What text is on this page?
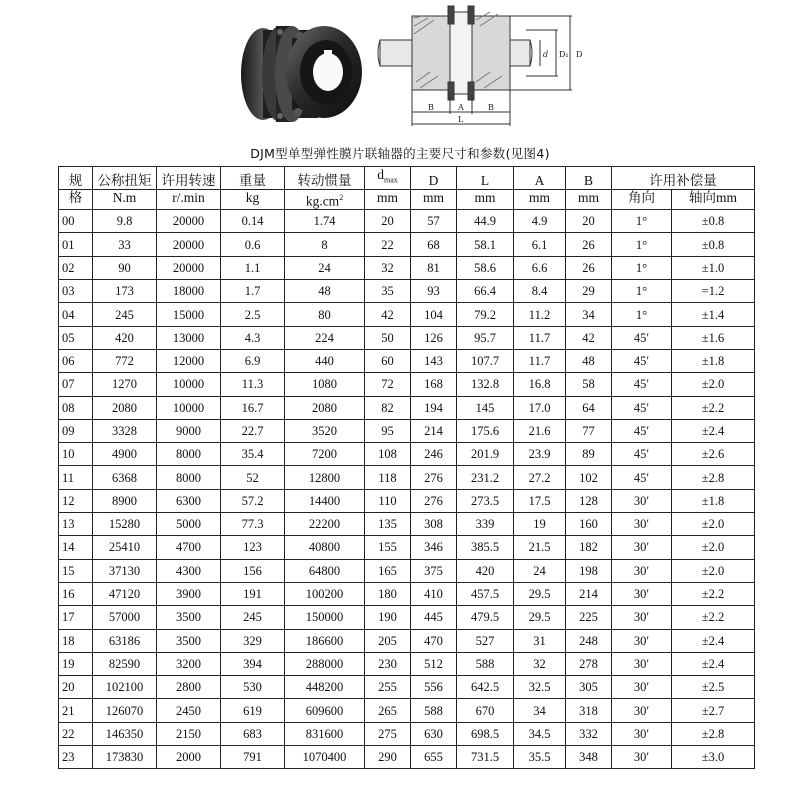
B	A	B
L
d D₁ D
DJM型单型弹性膜片联轴器的主要尺寸和参数(见图4)
规	公称扭矩	许用转速	重量	转动惯量	$d_{max}$	D	L	A	B	许用补偿量	
格	N.m	r/.min	kg	$kg.cm^2$	mm	mm	mm	mm	mm	角向	轴向mm
00	9.8	20000	0.14	1.74	20	57	44.9	4.9	20	1°	±0.8
01	33	20000	0.6	8	22	68	58.1	6.1	26	1°	±0.8
02	90	20000	1.1	24	32	81	58.6	6.6	26	1°	±1.0
03	173	18000	1.7	48	35	93	66.4	8.4	29	1°	=1.2
04	245	15000	2.5	80	42	104	79.2	11.2	34	1°	±1.4
05	420	13000	4.3	224	50	126	95.7	11.7	42	45′	±1.6
06	772	12000	6.9	440	60	143	107.7	11.7	48	45′	±1.8
07	1270	10000	11.3	1080	72	168	132.8	16.8	58	45′	±2.0
08	2080	10000	16.7	2080	82	194	145	17.0	64	45′	±2.2
09	3328	9000	22.7	3520	95	214	175.6	21.6	77	45′	±2.4
10	4900	8000	35.4	7200	108	246	201.9	23.9	89	45′	±2.6
11	6368	8000	52	12800	118	276	231.2	27.2	102	45′	±2.8
12	8900	6300	57.2	14400	110	276	273.5	17.5	128	30′	±1.8
13	15280	5000	77.3	22200	135	308	339	19	160	30′	±2.0
14	25410	4700	123	40800	155	346	385.5	21.5	182	30′	±2.0
15	37130	4300	156	64800	165	375	420	24	198	30′	±2.0
16	47120	3900	191	100200	180	410	457.5	29.5	214	30′	±2.2
17	57000	3500	245	150000	190	445	479.5	29.5	225	30′	±2.2
18	63186	3500	329	186600	205	470	527	31	248	30′	±2.4
19	82590	3200	394	288000	230	512	588	32	278	30′	±2.4
20	102100	2800	530	448200	255	556	642.5	32.5	305	30′	±2.5
21	126070	2450	619	609600	265	588	670	34	318	30′	±2.7
22	146350	2150	683	831600	275	630	698.5	34.5	332	30′	±2.8
23	173830	2000	791	1070400	290	655	731.5	35.5	348	30′	±3.0
